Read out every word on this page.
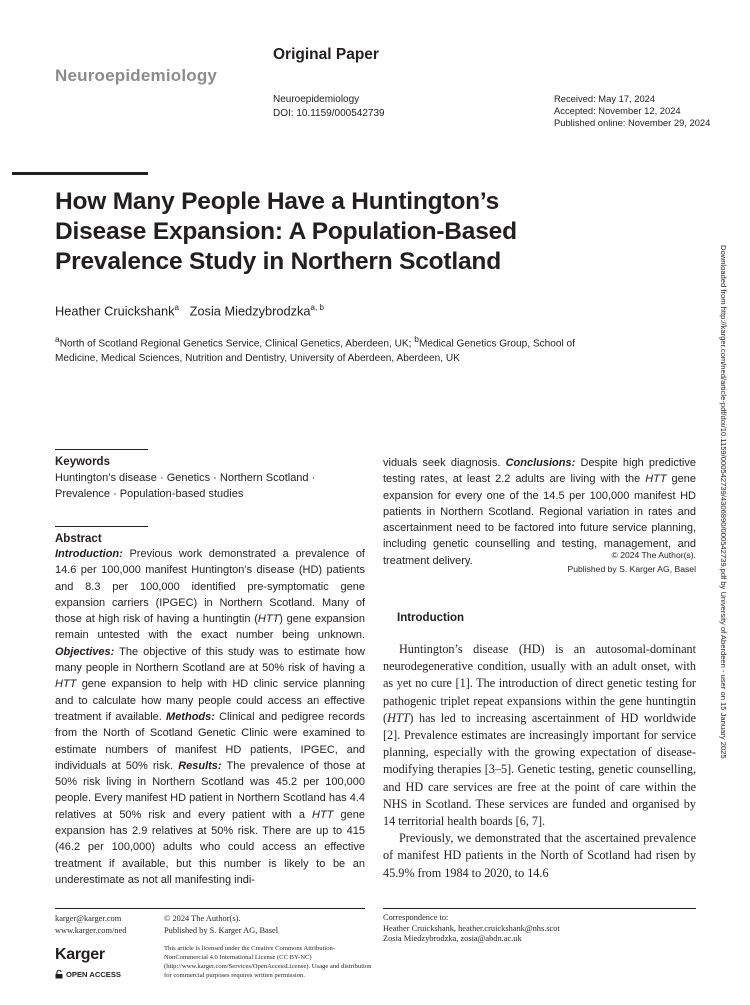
Neuroepidemiology
Original Paper
Neuroepidemiology
DOI: 10.1159/000542739
Received: May 17, 2024
Accepted: November 12, 2024
Published online: November 29, 2024
How Many People Have a Huntington’s
Disease Expansion: A Population-Based
Prevalence Study in Northern Scotland
Heather Cruickshank$^a$ Zosia Miedzybrodzka$^{a, b}$
$^a$North of Scotland Regional Genetics Service, Clinical Genetics, Aberdeen, UK; $^b$Medical Genetics Group, School of Medicine, Medical Sciences, Nutrition and Dentistry, University of Aberdeen, Aberdeen, UK
Keywords
Huntington’s disease · Genetics · Northern Scotland ·
Prevalence · Population-based studies
Abstract
Introduction: Previous work demonstrated a prevalence of 14.6 per 100,000 manifest Huntington’s disease (HD) patients and 8.3 per 100,000 identified pre-symptomatic gene expansion carriers (IPGEC) in Northern Scotland. Many of those at high risk of having a huntingtin (HTT) gene expansion remain untested with the exact number being unknown. Objectives: The objective of this study was to estimate how many people in Northern Scotland are at 50% risk of having a HTT gene expansion to help with HD clinic service planning and to calculate how many people could access an effective treatment if available. Methods: Clinical and pedigree records from the North of Scotland Genetic Clinic were examined to estimate numbers of manifest HD patients, IPGEC, and individuals at 50% risk. Results: The prevalence of those at 50% risk living in Northern Scotland was 45.2 per 100,000 people. Every manifest HD patient in Northern Scotland has 4.4 relatives at 50% risk and every patient with a HTT gene expansion has 2.9 relatives at 50% risk. There are up to 415 (46.2 per 100,000) adults who could access an effective treatment if available, but this number is likely to be an underestimate as not all manifesting indi-
viduals seek diagnosis. Conclusions: Despite high predictive testing rates, at least 2.2 adults are living with the HTT gene expansion for every one of the 14.5 per 100,000 manifest HD patients in Northern Scotland. Regional variation in rates and ascertainment need to be factored into future service planning, including genetic counselling and testing, management, and treatment delivery.	© 2024 The Author(s).
Published by S. Karger AG, Basel
Introduction

Huntington’s disease (HD) is an autosomal-dominant neurodegenerative condition, usually with an adult onset, with as yet no cure [1]. The introduction of direct genetic testing for pathogenic triplet repeat expansions within the gene huntingtin (HTT) has led to increasing ascertainment of HD worldwide [2]. Prevalence estimates are increasingly important for service planning, especially with the growing expectation of disease-modifying therapies [3–5]. Genetic testing, genetic counselling, and HD care services are free at the point of care within the NHS in Scotland. These services are funded and organised by 14 territorial health boards [6, 7].

Previously, we demonstrated that the ascertained prevalence of manifest HD patients in the North of Scotland had risen by 45.9% from 1984 to 2020, to 14.6

Downloaded from http://karger.com/ned/article-pdf/doi/10.1159/000542739/4306890/000542739.pdf by University of Aberdeen - user on 15 January 2025
karger@karger.com
www.karger.com/ned
© 2024 The Author(s).
Published by S. Karger AG, Basel
This article is licensed under the Creative Commons Attribution-NonCommercial 4.0 International License (CC BY-NC) (http://www.karger.com/Services/OpenAccessLicense). Usage and distribution for commercial purposes requires written permission.
Correspondence to:
Heather Cruickshank, heather.cruickshank@nhs.scot
Zosia Miedzybrodzka, zosia@abdn.ac.uk
Karger
OPEN ACCESS
